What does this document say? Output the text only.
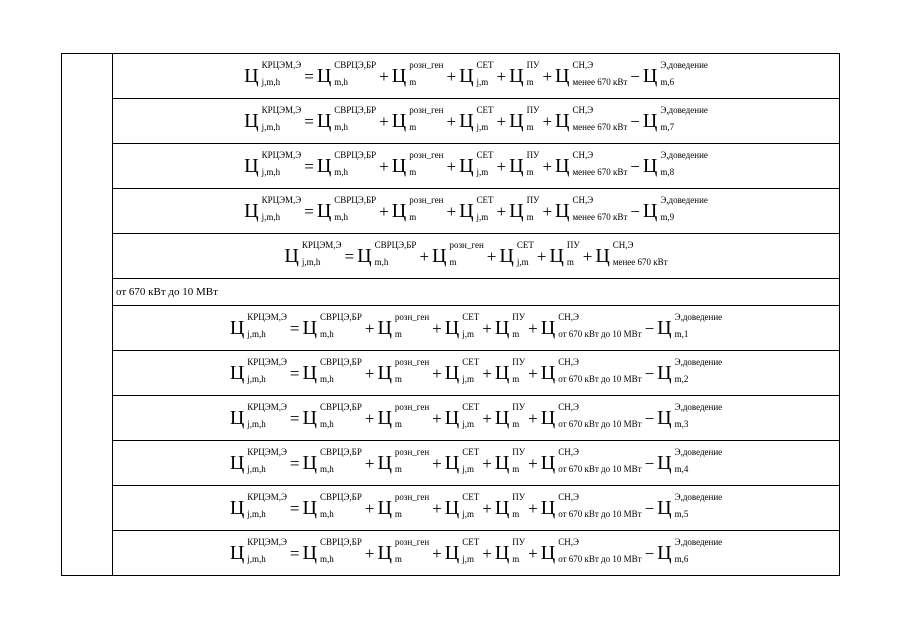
Ц КРЦЭМ,Э
j,m,h	= Ц СВРЦЭ,БР
m,h	+ Ц розн_ген
m	+ Ц СЕТ
j,m + Ц ПУ
m + Ц СН,Э
менее 670 кВт − Ц Э,доведение
m,6

Ц КРЦЭМ,Э
j,m,h	= Ц СВРЦЭ,БР
m,h	+ Ц розн_ген
m	+ Ц СЕТ
j,m + Ц ПУ
m + Ц СН,Э
менее 670 кВт − Ц Э,доведение
m,7

Ц КРЦЭМ,Э
j,m,h	= Ц СВРЦЭ,БР
m,h	+ Ц розн_ген
m	+ Ц СЕТ
j,m + Ц ПУ
m + Ц СН,Э
менее 670 кВт − Ц Э,доведение
m,8

Ц КРЦЭМ,Э
j,m,h	= Ц СВРЦЭ,БР
m,h	+ Ц розн_ген
m	+ Ц СЕТ
j,m + Ц ПУ
m + Ц СН,Э
менее 670 кВт − Ц Э,доведение
m,9

Ц КРЦЭМ,Э
j,m,h	= Ц СВРЦЭ,БР
m,h	+ Ц розн_ген
m	+ Ц СЕТ
j,m + Ц ПУ
m + Ц СН,Э
менее 670 кВт

от 670 кВт до 10 МВт

Ц КРЦЭМ,Э
j,m,h	= Ц СВРЦЭ,БР
m,h	+ Ц розн_ген
m	+ Ц СЕТ
j,m + Ц ПУ
m + Ц СН,Э
от 670 кВт до 10 МВт − Ц Э,доведение
m,1

Ц КРЦЭМ,Э
j,m,h	= Ц СВРЦЭ,БР
m,h	+ Ц розн_ген
m	+ Ц СЕТ
j,m + Ц ПУ
m + Ц СН,Э
от 670 кВт до 10 МВт − Ц Э,доведение
m,2

Ц КРЦЭМ,Э
j,m,h	= Ц СВРЦЭ,БР
m,h	+ Ц розн_ген
m	+ Ц СЕТ
j,m + Ц ПУ
m + Ц СН,Э
от 670 кВт до 10 МВт − Ц Э,доведение
m,3

Ц КРЦЭМ,Э
j,m,h	= Ц СВРЦЭ,БР
m,h	+ Ц розн_ген
m	+ Ц СЕТ
j,m + Ц ПУ
m + Ц СН,Э
от 670 кВт до 10 МВт − Ц Э,доведение
m,4

Ц КРЦЭМ,Э
j,m,h	= Ц СВРЦЭ,БР
m,h	+ Ц розн_ген
m	+ Ц СЕТ
j,m + Ц ПУ
m + Ц СН,Э
от 670 кВт до 10 МВт − Ц Э,доведение
m,5

Ц КРЦЭМ,Э
j,m,h	= Ц СВРЦЭ,БР
m,h	+ Ц розн_ген
m	+ Ц СЕТ
j,m + Ц ПУ
m + Ц СН,Э
от 670 кВт до 10 МВт − Ц Э,доведение
m,6
